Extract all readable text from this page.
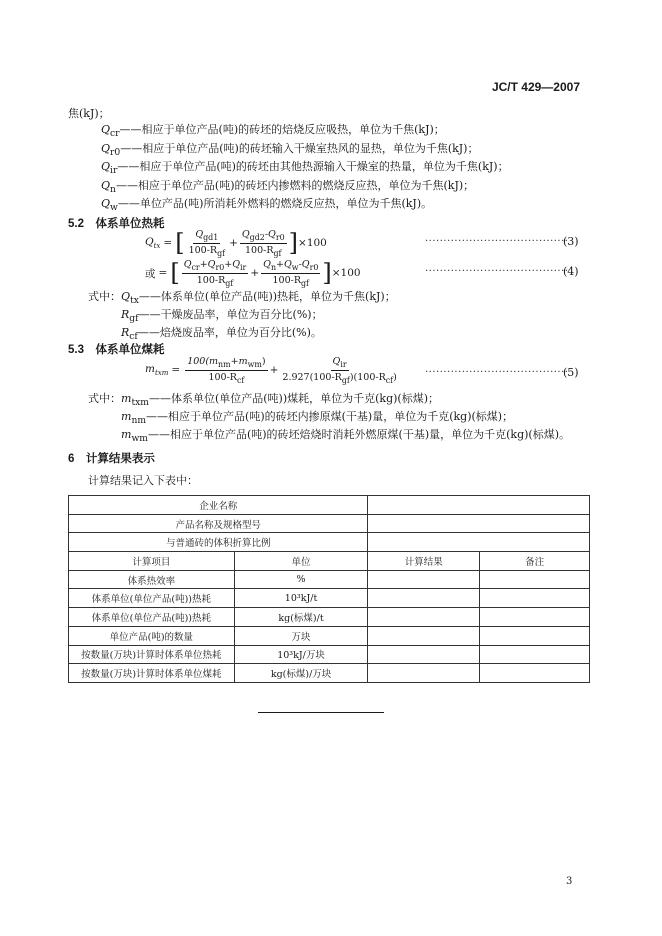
JC/T 429—2007
焦(kJ)；
$Q_{cr}——$相应于单位产品(吨)的砖坯的焙烧反应吸热，单位为千焦(kJ)；
$Q_{r0}——$相应于单位产品(吨)的砖坯输入干燥室热风的显热，单位为千焦(kJ)；
$Q_{ir}——$相应于单位产品(吨)的砖坯由其他热源输入干燥室的热量，单位为千焦(kJ)；
$Q_n——$相应于单位产品(吨)的砖坯内掺燃料的燃烧反应热，单位为千焦(kJ)；
$Q_w——$单位产品(吨)所消耗外燃料的燃烧反应热，单位为千焦(kJ)。
5.2　体系单位热耗
$Q_{tx}$ = [ $\frac{Q_{gd1}}{100-R_{gf}} + \frac{Q_{gd2}-Q_{r0}}{100-R_{gf}}$ ] ×100	·······································
(3)
或 = [ $\frac{Q_{cr}+Q_{r0}+Q_{ir}}{100-R_{gf}} + \frac{Q_n+Q_w-Q_{r0}}{100-R_{gf}}$ ] ×100	·······································
(4)
式中： $Q_{tx}——$体系单位(单位产品(吨))热耗，单位为千焦(kJ)；
$R_{gf}——$干燥废品率，单位为百分比(%)；
$R_{cf}——$焙烧废品率，单位为百分比(%)。
5.3　体系单位煤耗
$m_{txm} = \frac{100(m_{nm}+m_{wm})}{100-R_{cf}} + \frac{Q_{ir}}{2.927(100-R_{gf})(100-R_{cf})}$	·······································
(5)
式中： $m_{txm}——$体系单位(单位产品(吨))煤耗，单位为千克(kg)(标煤)；
$m_{nm}——$相应于单位产品(吨)的砖坯内掺原煤(干基)量，单位为千克(kg)(标煤)；
$m_{wm}——$相应于单位产品(吨)的砖坯焙烧时消耗外燃原煤(干基)量，单位为千克(kg)(标煤)。
6　计算结果表示
计算结果记入下表中：
企业名称			
产品名称及规格型号			
与普通砖的体积折算比例			
计算项目	单位	计算结果	备注
体系热效率	%		
体系单位(单位产品(吨))热耗	10³kJ/t		
体系单位(单位产品(吨))热耗	kg(标煤)/t		
单位产品(吨)的数量	万块		
按数量(万块)计算时体系单位热耗	10³kJ/万块		
按数量(万块)计算时体系单位煤耗	kg(标煤)/万块		
3
